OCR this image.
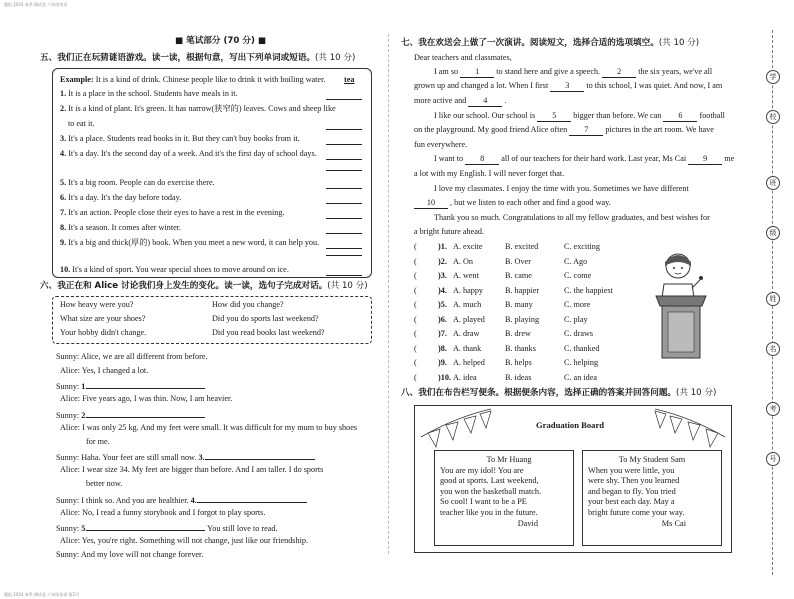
题组 2024 春季 测试卷 六年级英语
■ 笔试部分 (70 分) ■
五、我们正在玩猜谜语游戏。读一读，根据句意，写出下列单词或短语。(共 10 分)
Example: It is a kind of drink. Chinese people like to drink it with boiling water. tea
1. It is a place in the school. Students have meals in it.
2. It is a kind of plant. It's green. It has narrow(狭窄的) leaves. Cows and sheep like
to eat it.
3. It's a place. Students read books in it. But they can't buy books from it.
4. It's a day. It's the second day of a week. And it's the first day of school days.
5. It's a big room. People can do exercise there.
6. It's a day. It's the day before today.
7. It's an action. People close their eyes to have a rest in the evening.
8. It's a season. It comes after winter.
9. It's a big and thick(厚的) book. When you meet a new word, it can help you.
10. It's a kind of sport. You wear special shoes to move around on ice.
六、我正在和 Alice 讨论我们身上发生的变化。读一读，选句子完成对话。(共 10 分)
How heavy were you?	How did you change?
What size are your shoes?	Did you do sports last weekend?
Your hobby didn't change.	Did you read books last weekend?
Sunny: Alice, we are all different from before.
Alice: Yes, I changed a lot.
Sunny: 1.
Alice: Five years ago, I was thin. Now, I am heavier.
Sunny: 2.
Alice: I was only 25 kg. And my feet were small. It was difficult for my mum to buy shoes
for me.
Sunny: Haha. Your feet are still small now. 3.
Alice: I wear size 34. My feet are bigger than before. And I am taller. I do sports
better now.
Sunny: I think so. And you are healthier. 4.
Alice: No, I read a funny storybook and I forgot to play sports.
Sunny: 5.	You still love to read.
Alice: Yes, you're right. Something will not change, just like our friendship.
Sunny: And my love will not change forever.
七、我在欢送会上做了一次演讲。阅读短文，选择合适的选项填空。(共 10 分)
Dear teachers and classmates,
I am so 1 to stand here and give a speech. 2 the six years, we've all
grown up and changed a lot. When I first 3 to this school, I was quiet. And now, I am
more active and 4 .
I like our school. Our school is 5 bigger than before. We can 6 football
on the playground. My good friend Alice often 7 pictures in the art room. We have
fun everywhere.
I want to 8 all of our teachers for their hard work. Last year, Ms Cai 9 me
a lot with my English. I will never forget that.
I love my classmates. I enjoy the time with you. Sometimes we have different
10 , but we listen to each other and find a good way.
Thank you so much. Congratulations to all my fellow graduates, and best wishes for
a bright future ahead.
(	)1. A. excite	B. excited	C. exciting
(	)2. A. On	B. Over	C. Ago
(	)3. A. went	B. came	C. come
(	)4. A. happy	B. happier	C. the happiest
(	)5. A. much	B. many	C. more
(	)6. A. played B. playing	C. play
(	)7. A. draw	B. drew	C. draws
(	)8. A. thank	B. thanks	C. thanked
(	)9. A. helped B. helps	C. helping
(	)10. A. idea	B. ideas	C. an idea
八、我们在布告栏写便条。根据便条内容，选择正确的答案并回答问题。(共 10 分)
Graduation Board
To Mr Huang
You are my idol! You are
good at sports. Last weekend,
you won the basketball match.
So cool! I want to be a PE
teacher like you in the future.
David
To My Student Sam
When you were little, you
were shy. Then you learned
and began to fly. You tried
your best each day. May a
bright future come your way.
Ms Cai
学
校
班
级
姓
名
考
号
题组 2024 春季 测试卷 六年级英语 第2页
